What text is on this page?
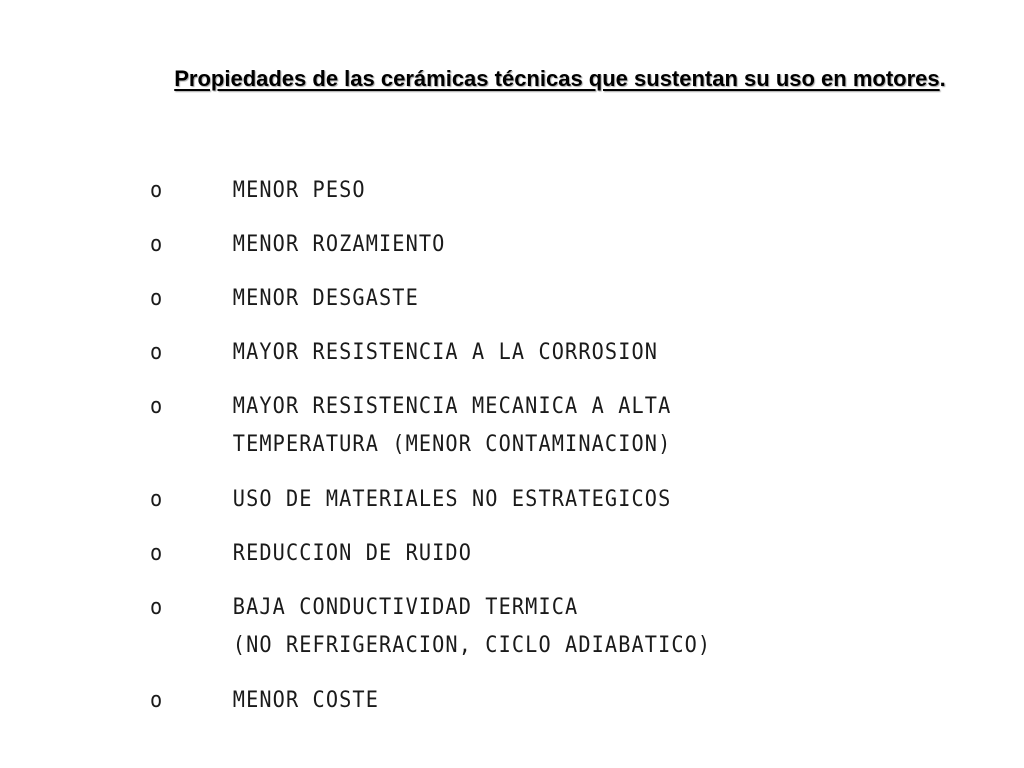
Propiedades de las cerámicas técnicas que sustentan su uso en motores.
o	MENOR PESO
o	MENOR ROZAMIENTO
o	MENOR DESGASTE
o	MAYOR RESISTENCIA A LA CORROSION
o	MAYOR RESISTENCIA MECANICA A ALTA
TEMPERATURA (MENOR CONTAMINACION)
o	USO DE MATERIALES NO ESTRATEGICOS
o	REDUCCION DE RUIDO
o	BAJA CONDUCTIVIDAD TERMICA
(NO REFRIGERACION, CICLO ADIABATICO)
o	MENOR COSTE
